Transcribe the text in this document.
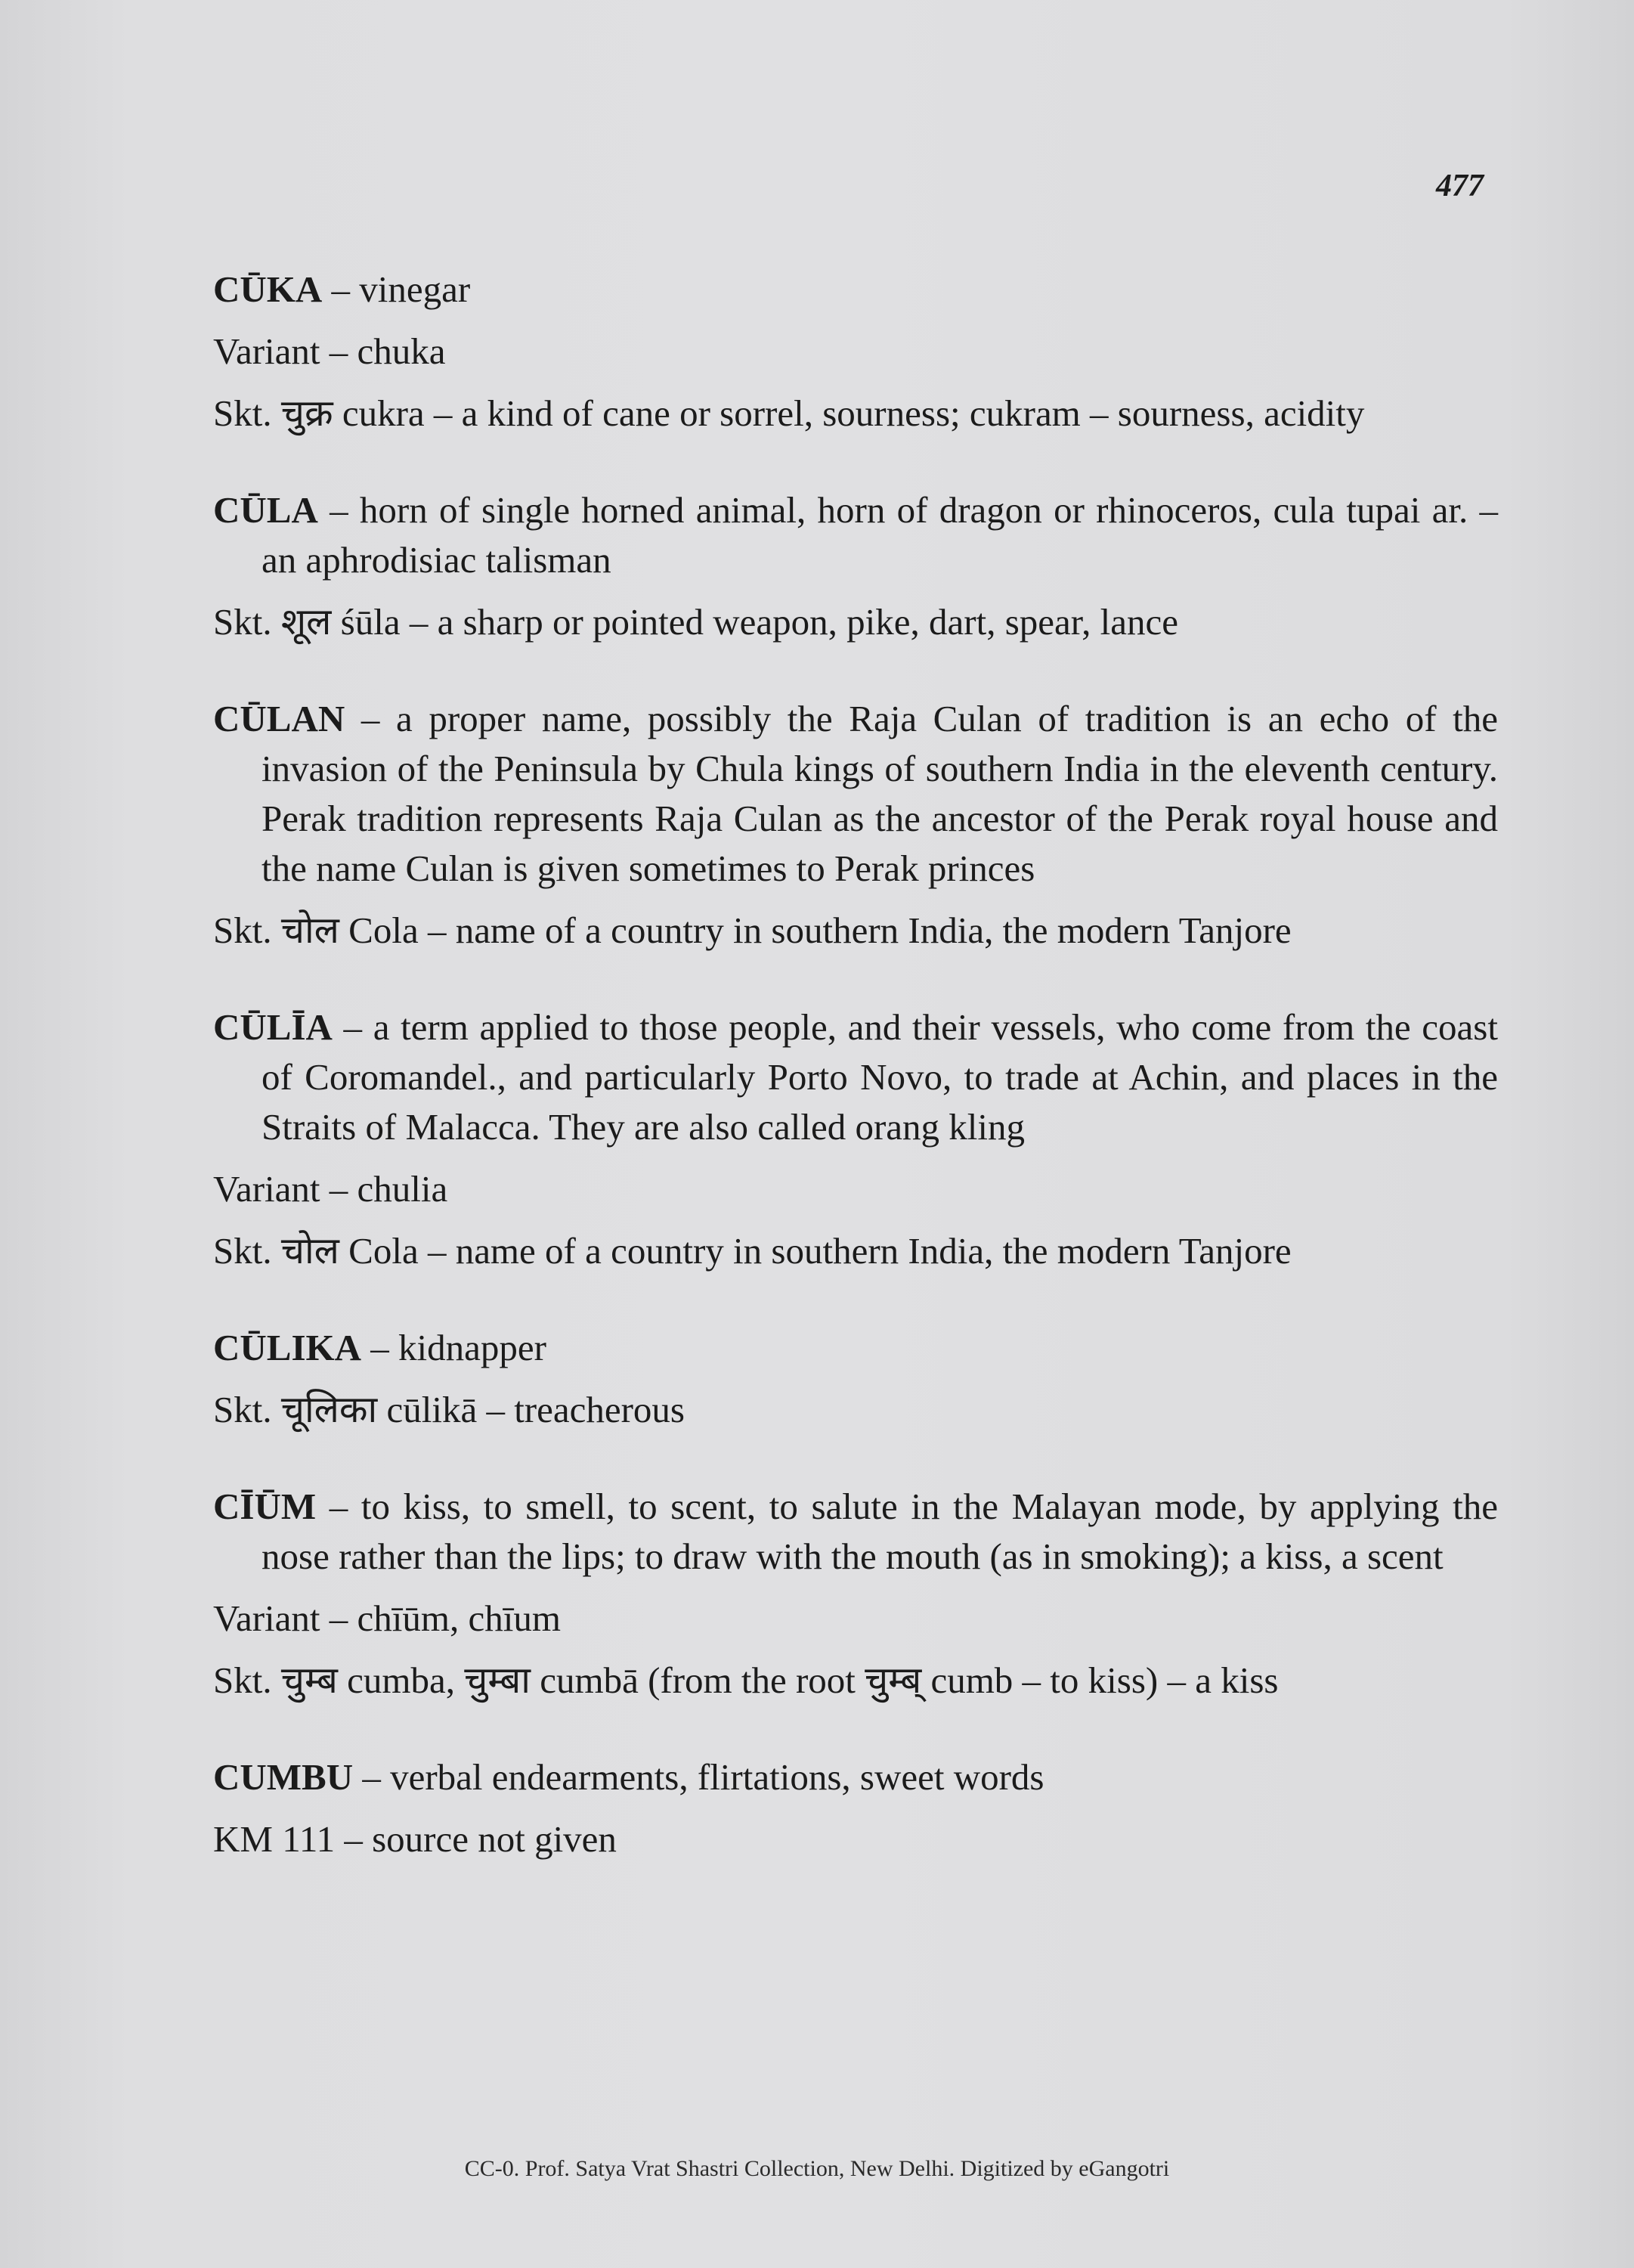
477
CŪKA – vinegar
Variant – chuka
Skt. चुक्र cukra – a kind of cane or sorrel, sourness; cukram – sourness, acidity
CŪLA – horn of single horned animal, horn of dragon or rhinoceros, cula tupai ar. – an aphrodisiac talisman
Skt. शूल śūla – a sharp or pointed weapon, pike, dart, spear, lance
CŪLAN – a proper name, possibly the Raja Culan of tradition is an echo of the invasion of the Peninsula by Chula kings of southern India in the eleventh century. Perak tradition represents Raja Culan as the ancestor of the Perak royal house and the name Culan is given sometimes to Perak princes
Skt. चोल Cola – name of a country in southern India, the modern Tanjore
CŪLĪA – a term applied to those people, and their vessels, who come from the coast of Coromandel., and particularly Porto Novo, to trade at Achin, and places in the Straits of Malacca. They are also called orang kling
Variant – chulia
Skt. चोल Cola – name of a country in southern India, the modern Tanjore
CŪLIKA – kidnapper
Skt. चूलिका cūlikā – treacherous
CĪŪM – to kiss, to smell, to scent, to salute in the Malayan mode, by applying the nose rather than the lips; to draw with the mouth (as in smoking); a kiss, a scent
Variant – chīūm, chīum
Skt. चुम्ब cumba, चुम्बा cumbā (from the root चुम्ब् cumb – to kiss) – a kiss
CUMBU – verbal endearments, flirtations, sweet words
KM 111 – source not given
CC-0. Prof. Satya Vrat Shastri Collection, New Delhi. Digitized by eGangotri
